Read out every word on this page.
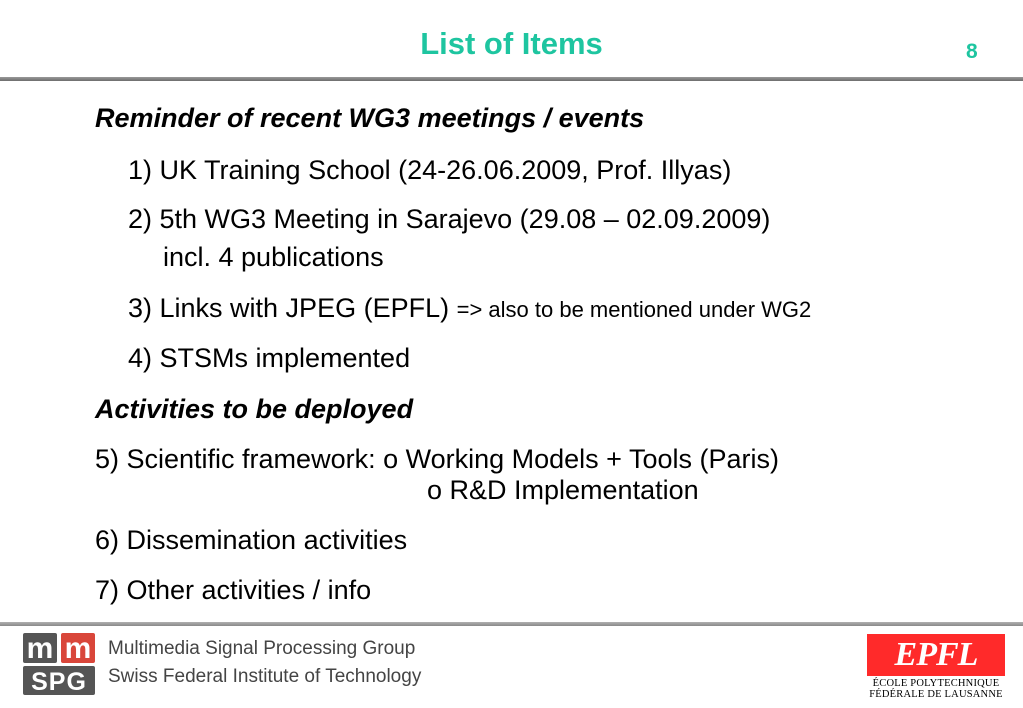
List of Items	8
Reminder of recent WG3 meetings / events
1) UK Training School (24-26.06.2009, Prof. Illyas)
2) 5th WG3 Meeting in Sarajevo (29.08 – 02.09.2009)
incl. 4 publications
3) Links with JPEG (EPFL) => also to be mentioned under WG2
4) STSMs implemented
Activities to be deployed
5) Scientific framework: o Working Models + Tools (Paris)
o R&D Implementation
6) Dissemination activities
7) Other activities / info
m m
SPG
Multimedia Signal Processing Group
Swiss Federal Institute of Technology
EPFL
ÉCOLE POLYTECHNIQUE
FÉDÉRALE DE LAUSANNE
